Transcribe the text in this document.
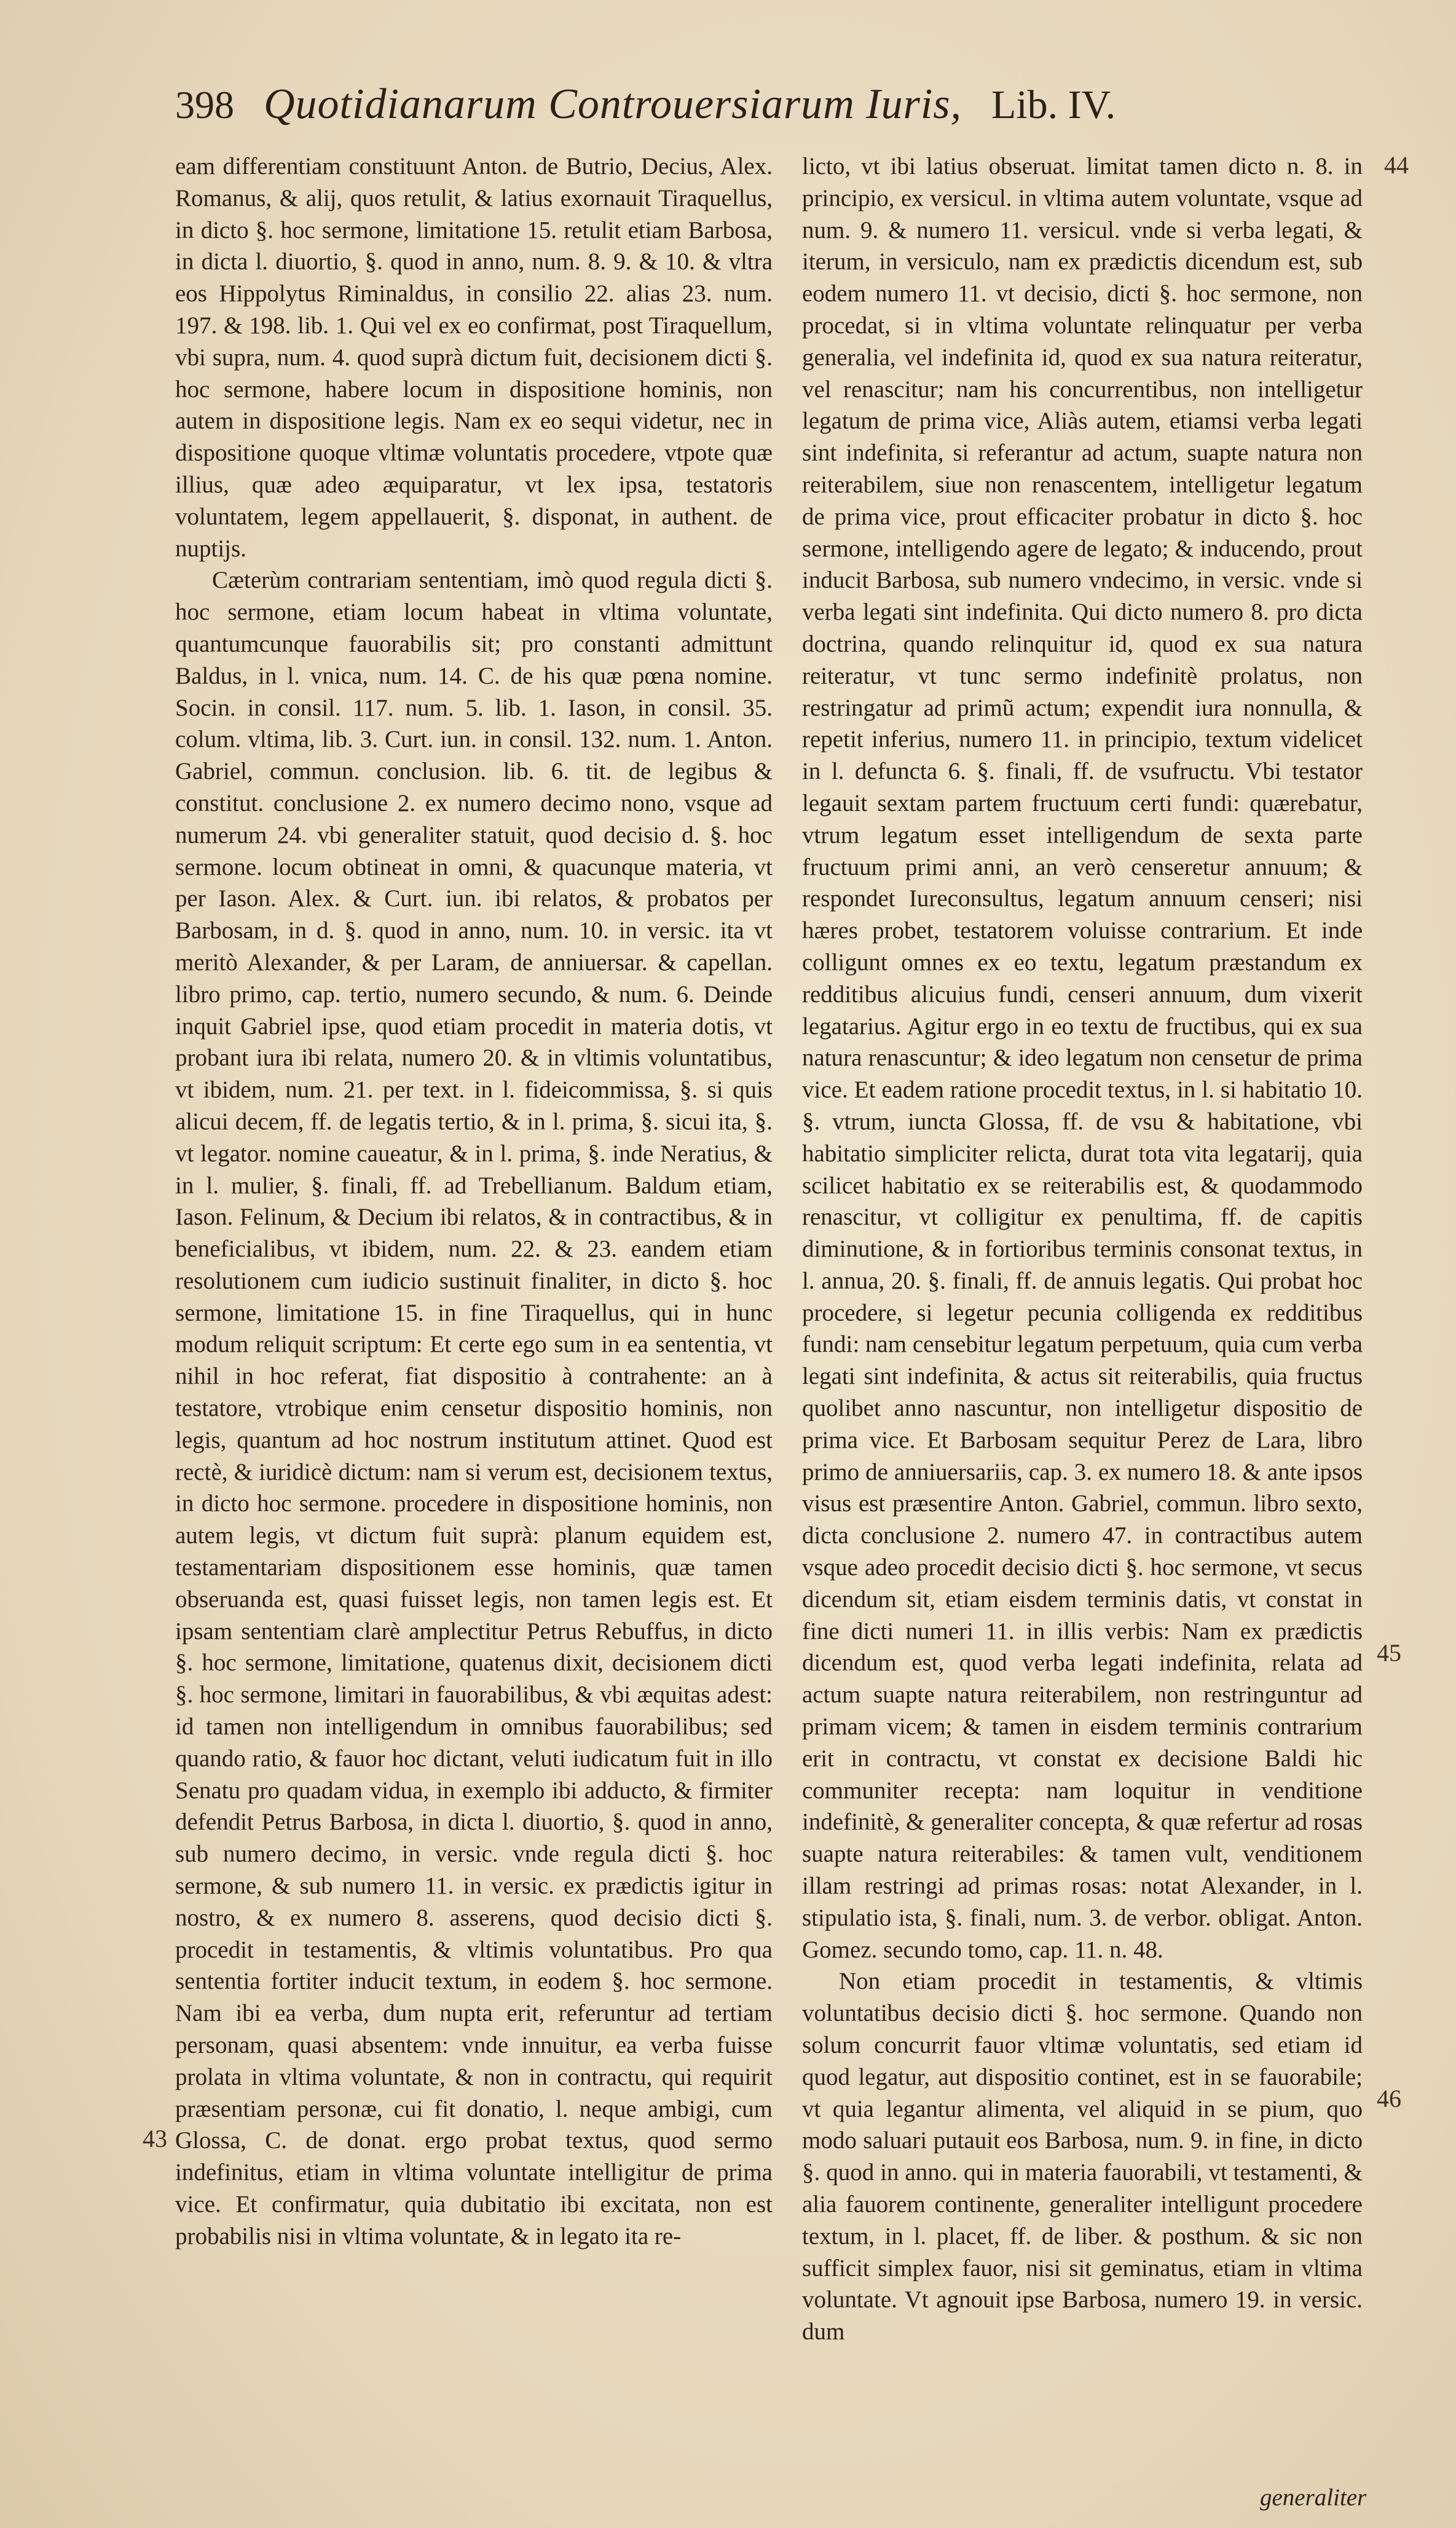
398 Quotidianarum Controuersiarum Iuris, Lib. IV.

eam differentiam constituunt Anton. de Butrio, Decius, Alex. Romanus, & alij, quos retulit, & latius exornauit Tiraquellus, in dicto §. hoc sermone, limitatione 15. retulit etiam Barbosa, in dicta l. diuortio, §. quod in anno, num. 8. 9. & 10. & vltra eos Hippolytus Riminaldus, in consilio 22. alias 23. num. 197. & 198. lib. 1. Qui vel ex eo confirmat, post Tiraquellum, vbi supra, num. 4. quod suprà dictum fuit, decisionem dicti §. hoc sermone, habere locum in dispositione hominis, non autem in dispositione legis. Nam ex eo sequi videtur, nec in dispositione quoque vltimæ voluntatis procedere, vtpote quæ illius, quæ adeo æquiparatur, vt lex ipsa, testatoris voluntatem, legem appellauerit, §. disponat, in authent. de nuptijs.

Cæterùm contrariam sententiam, imò quod regula dicti §. hoc sermone, etiam locum habeat in vltima voluntate, quantumcunque fauorabilis sit; pro constanti admittunt Baldus, in l. vnica, num. 14. C. de his quæ pœna nomine. Socin. in consil. 117. num. 5. lib. 1. Iason, in consil. 35. colum. vltima, lib. 3. Curt. iun. in consil. 132. num. 1. Anton. Gabriel, commun. conclusion. lib. 6. tit. de legibus & constitut. conclusione 2. ex numero decimo nono, vsque ad numerum 24. vbi generaliter statuit, quod decisio d. §. hoc sermone. locum obtineat in omni, & quacunque materia, vt per Iason. Alex. & Curt. iun. ibi relatos, & probatos per Barbosam, in d. §. quod in anno, num. 10. in versic. ita vt meritò Alexander, & per Laram, de anniuersar. & capellan. libro primo, cap. tertio, numero secundo, & num. 6. Deinde inquit Gabriel ipse, quod etiam procedit in materia dotis, vt probant iura ibi relata, numero 20. & in vltimis voluntatibus, vt ibidem, num. 21. per text. in l. fideicommissa, §. si quis alicui decem, ff. de legatis tertio, & in l. prima, §. sicui ita, §. vt legator. nomine caueatur, & in l. prima, §. inde Neratius, & in l. mulier, §. finali, ff. ad Trebellianum. Baldum etiam, Iason. Felinum, & Decium ibi relatos, & in contractibus, & in beneficialibus, vt ibidem, num. 22. & 23. eandem etiam resolutionem cum iudicio sustinuit finaliter, in dicto §. hoc sermone, limitatione 15. in fine Tiraquellus, qui in hunc modum reliquit scriptum: Et certe ego sum in ea sententia, vt nihil in hoc referat, fiat dispositio à contrahente: an à testatore, vtrobique enim censetur dispositio hominis, non legis, quantum ad hoc nostrum institutum attinet. Quod est rectè, & iuridicè dictum: nam si verum est, decisionem textus, in dicto hoc sermone. procedere in dispositione hominis, non autem legis, vt dictum fuit suprà: planum equidem est, testamentariam dispositionem esse hominis, quæ tamen obseruanda est, quasi fuisset legis, non tamen legis est. Et ipsam sententiam clarè amplectitur Petrus Rebuffus, in dicto §. hoc sermone, limitatione, quatenus dixit, decisionem dicti §. hoc sermone, limitari in fauorabilibus, & vbi æquitas adest: id tamen non intelligendum in omnibus fauorabilibus; sed quando ratio, & fauor hoc dictant, veluti iudicatum fuit in illo Senatu pro quadam vidua, in exemplo ibi adducto, & firmiter defendit Petrus Barbosa, in dicta l. diuortio, §. quod in anno, sub numero decimo, in versic. vnde regula dicti §. hoc sermone, & sub numero 11. in versic. ex prædictis igitur in nostro, & ex numero 8. asserens, quod decisio dicti §. procedit in testamentis, & vltimis voluntatibus. Pro qua sententia fortiter inducit textum, in eodem §. hoc sermone. Nam ibi ea verba, dum nupta erit, referuntur ad tertiam personam, quasi absentem: vnde innuitur, ea verba fuisse prolata in vltima voluntate, & non in contractu, qui requirit præsentiam personæ, cui fit donatio, l. neque ambigi, cum Glossa, C. de donat. ergo probat textus, quod sermo indefinitus, etiam in vltima voluntate intelligitur de prima vice. Et confirmatur, quia dubitatio ibi excitata, non est probabilis nisi in vltima voluntate, & in legato ita re-

licto, vt ibi latius obseruat. limitat tamen dicto n. 8. in principio, ex versicul. in vltima autem voluntate, vsque ad num. 9. & numero 11. versicul. vnde si verba legati, & iterum, in versiculo, nam ex prædictis dicendum est, sub eodem numero 11. vt decisio, dicti §. hoc sermone, non procedat, si in vltima voluntate relinquatur per verba generalia, vel indefinita id, quod ex sua natura reiteratur, vel renascitur; nam his concurrentibus, non intelligetur legatum de prima vice, Aliàs autem, etiamsi verba legati sint indefinita, si referantur ad actum, suapte natura non reiterabilem, siue non renascentem, intelligetur legatum de prima vice, prout efficaciter probatur in dicto §. hoc sermone, intelligendo agere de legato; & inducendo, prout inducit Barbosa, sub numero vndecimo, in versic. vnde si verba legati sint indefinita. Qui dicto numero 8. pro dicta doctrina, quando relinquitur id, quod ex sua natura reiteratur, vt tunc sermo indefinitè prolatus, non restringatur ad primũ actum; expendit iura nonnulla, & repetit inferius, numero 11. in principio, textum videlicet in l. defuncta 6. §. finali, ff. de vsufructu. Vbi testator legauit sextam partem fructuum certi fundi: quærebatur, vtrum legatum esset intelligendum de sexta parte fructuum primi anni, an verò censeretur annuum; & respondet Iureconsultus, legatum annuum censeri; nisi hæres probet, testatorem voluisse contrarium. Et inde colligunt omnes ex eo textu, legatum præstandum ex redditibus alicuius fundi, censeri annuum, dum vixerit legatarius. Agitur ergo in eo textu de fructibus, qui ex sua natura renascuntur; & ideo legatum non censetur de prima vice. Et eadem ratione procedit textus, in l. si habitatio 10. §. vtrum, iuncta Glossa, ff. de vsu & habitatione, vbi habitatio simpliciter relicta, durat tota vita legatarij, quia scilicet habitatio ex se reiterabilis est, & quodammodo renascitur, vt colligitur ex penultima, ff. de capitis diminutione, & in fortioribus terminis consonat textus, in l. annua, 20. §. finali, ff. de annuis legatis. Qui probat hoc procedere, si legetur pecunia colligenda ex redditibus fundi: nam censebitur legatum perpetuum, quia cum verba legati sint indefinita, & actus sit reiterabilis, quia fructus quolibet anno nascuntur, non intelligetur dispositio de prima vice. Et Barbosam sequitur Perez de Lara, libro primo de anniuersariis, cap. 3. ex numero 18. & ante ipsos visus est præsentire Anton. Gabriel, commun. libro sexto, dicta conclusione 2. numero 47. in contractibus autem vsque adeo procedit decisio dicti §. hoc sermone, vt secus dicendum sit, etiam eisdem terminis datis, vt constat in fine dicti numeri 11. in illis verbis: Nam ex prædictis dicendum est, quod verba legati indefinita, relata ad actum suapte natura reiterabilem, non restringuntur ad primam vicem; & tamen in eisdem terminis contrarium erit in contractu, vt constat ex decisione Baldi hic communiter recepta: nam loquitur in venditione indefinitè, & generaliter concepta, & quæ refertur ad rosas suapte natura reiterabiles: & tamen vult, venditionem illam restringi ad primas rosas: notat Alexander, in l. stipulatio ista, §. finali, num. 3. de verbor. obligat. Anton. Gomez. secundo tomo, cap. 11. n. 48.

Non etiam procedit in testamentis, & vltimis voluntatibus decisio dicti §. hoc sermone. Quando non solum concurrit fauor vltimæ voluntatis, sed etiam id quod legatur, aut dispositio continet, est in se fauorabile; vt quia legantur alimenta, vel aliquid in se pium, quo modo saluari putauit eos Barbosa, num. 9. in fine, in dicto §. quod in anno. qui in materia fauorabili, vt testamenti, & alia fauorem continente, generaliter intelligunt procedere textum, in l. placet, ff. de liber. & posthum. & sic non sufficit simplex fauor, nisi sit geminatus, etiam in vltima voluntate. Vt agnouit ipse Barbosa, numero 19. in versic. dum

44
45
46
43
generaliter
